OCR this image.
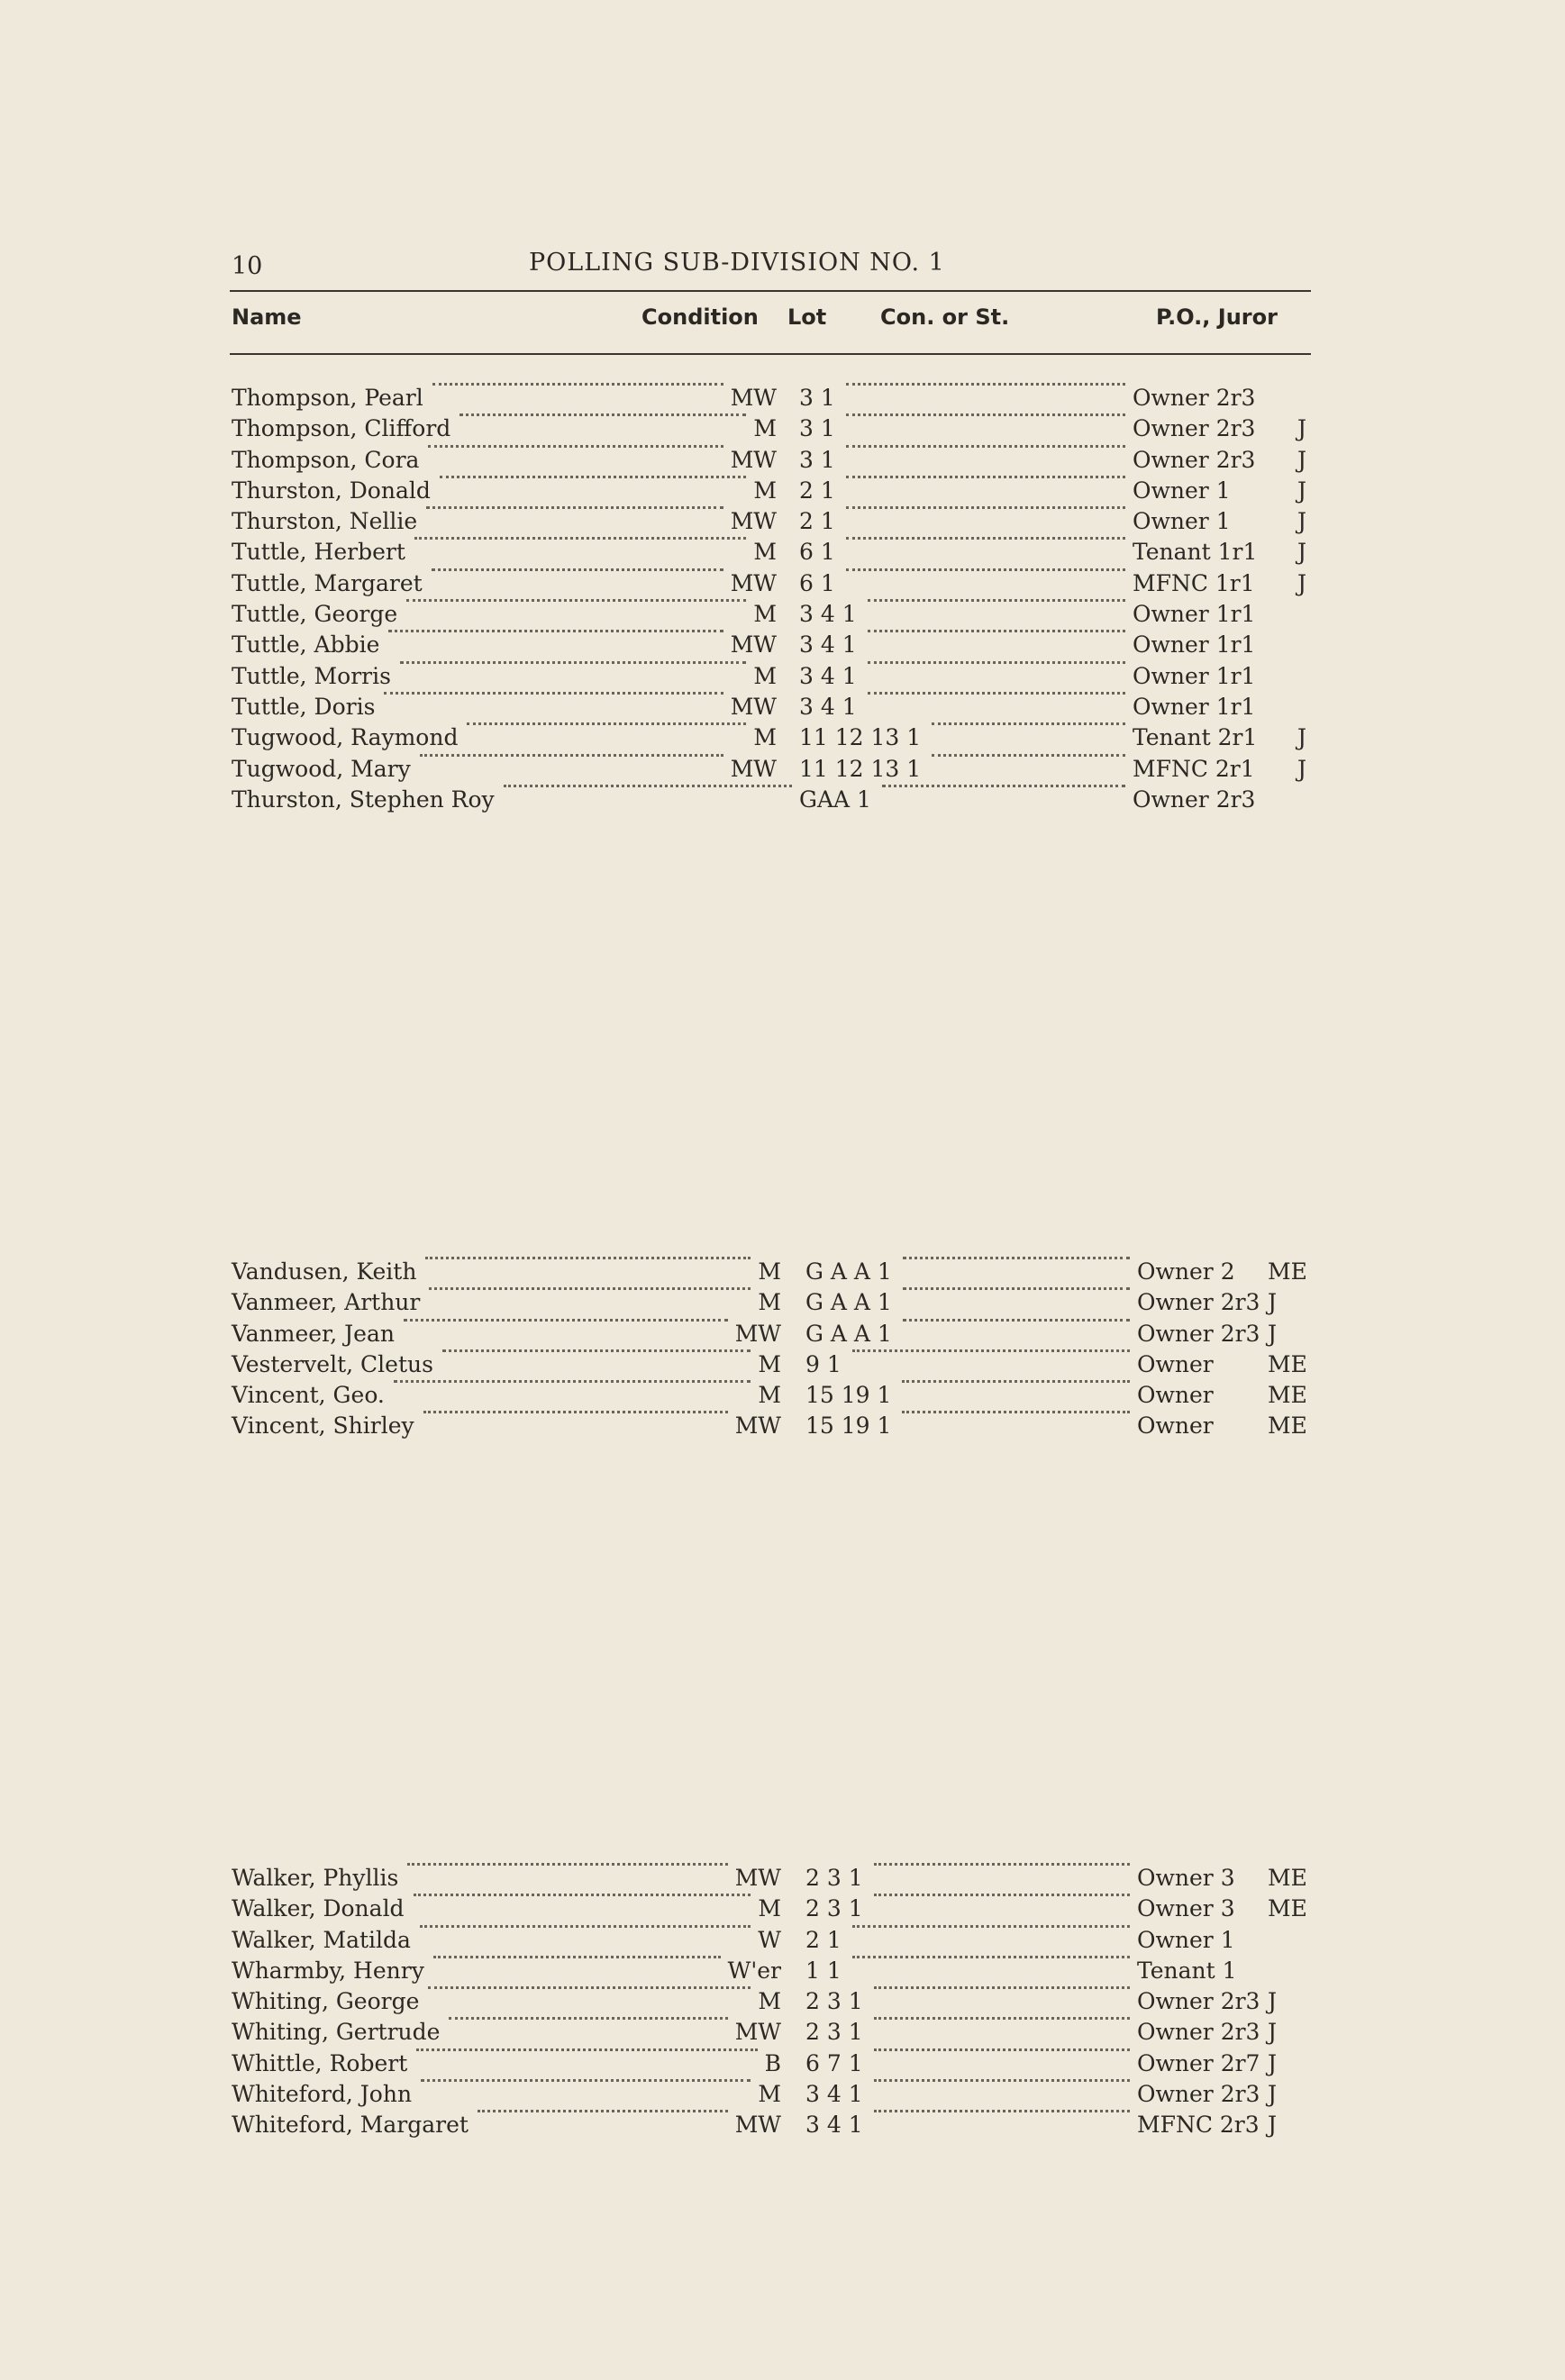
10	POLLING SUB-DIVISION NO. 1
Name	Condition Lot Con. or St.	P.O., Juror
Thompson, Pearl	MW 3 1	Owner 2r3
Thompson, Clifford	M 3 1	Owner 2r3 J
Thompson, Cora	MW 3 1	Owner 2r3 J
Thurston, Donald	M 2 1	Owner 1	J
Thurston, Nellie	MW 2 1	Owner 1	J
Tuttle, Herbert	M 6 1	Tenant 1r1 J
Tuttle, Margaret	MW 6 1	MFNC 1r1 J
Tuttle, George	M 3 4 1	Owner 1r1
Tuttle, Abbie	MW 3 4 1	Owner 1r1
Tuttle, Morris	M 3 4 1	Owner 1r1
Tuttle, Doris	MW 3 4 1	Owner 1r1
Tugwood, Raymond	M 11 12 13 1	Tenant 2r1 J
Tugwood, Mary	MW 11 12 13 1	MFNC 2r1 J
Thurston, Stephen Roy	GAA 1	Owner 2r3
Vandusen, Keith	M G A A 1	Owner 2 ME
Vanmeer, Arthur	M G A A 1	Owner 2r3 J
Vanmeer, Jean	MW G A A 1	Owner 2r3 J
Vestervelt, Cletus	M 9 1	Owner ME
Vincent, Geo.	M 15 19 1	Owner ME
Vincent, Shirley	MW 15 19 1	Owner ME
Walker, Phyllis	MW 2 3 1	Owner 3 ME
Walker, Donald	M 2 3 1	Owner 3 ME
Walker, Matilda	W 2 1	Owner 1
Wharmby, Henry	W'er 1 1	Tenant 1
Whiting, George	M 2 3 1	Owner 2r3 J
Whiting, Gertrude	MW 2 3 1	Owner 2r3 J
Whittle, Robert	B 6 7 1	Owner 2r7 J
Whiteford, John	M 3 4 1	Owner 2r3 J
Whiteford, Margaret	MW 3 4 1	MFNC 2r3 J
